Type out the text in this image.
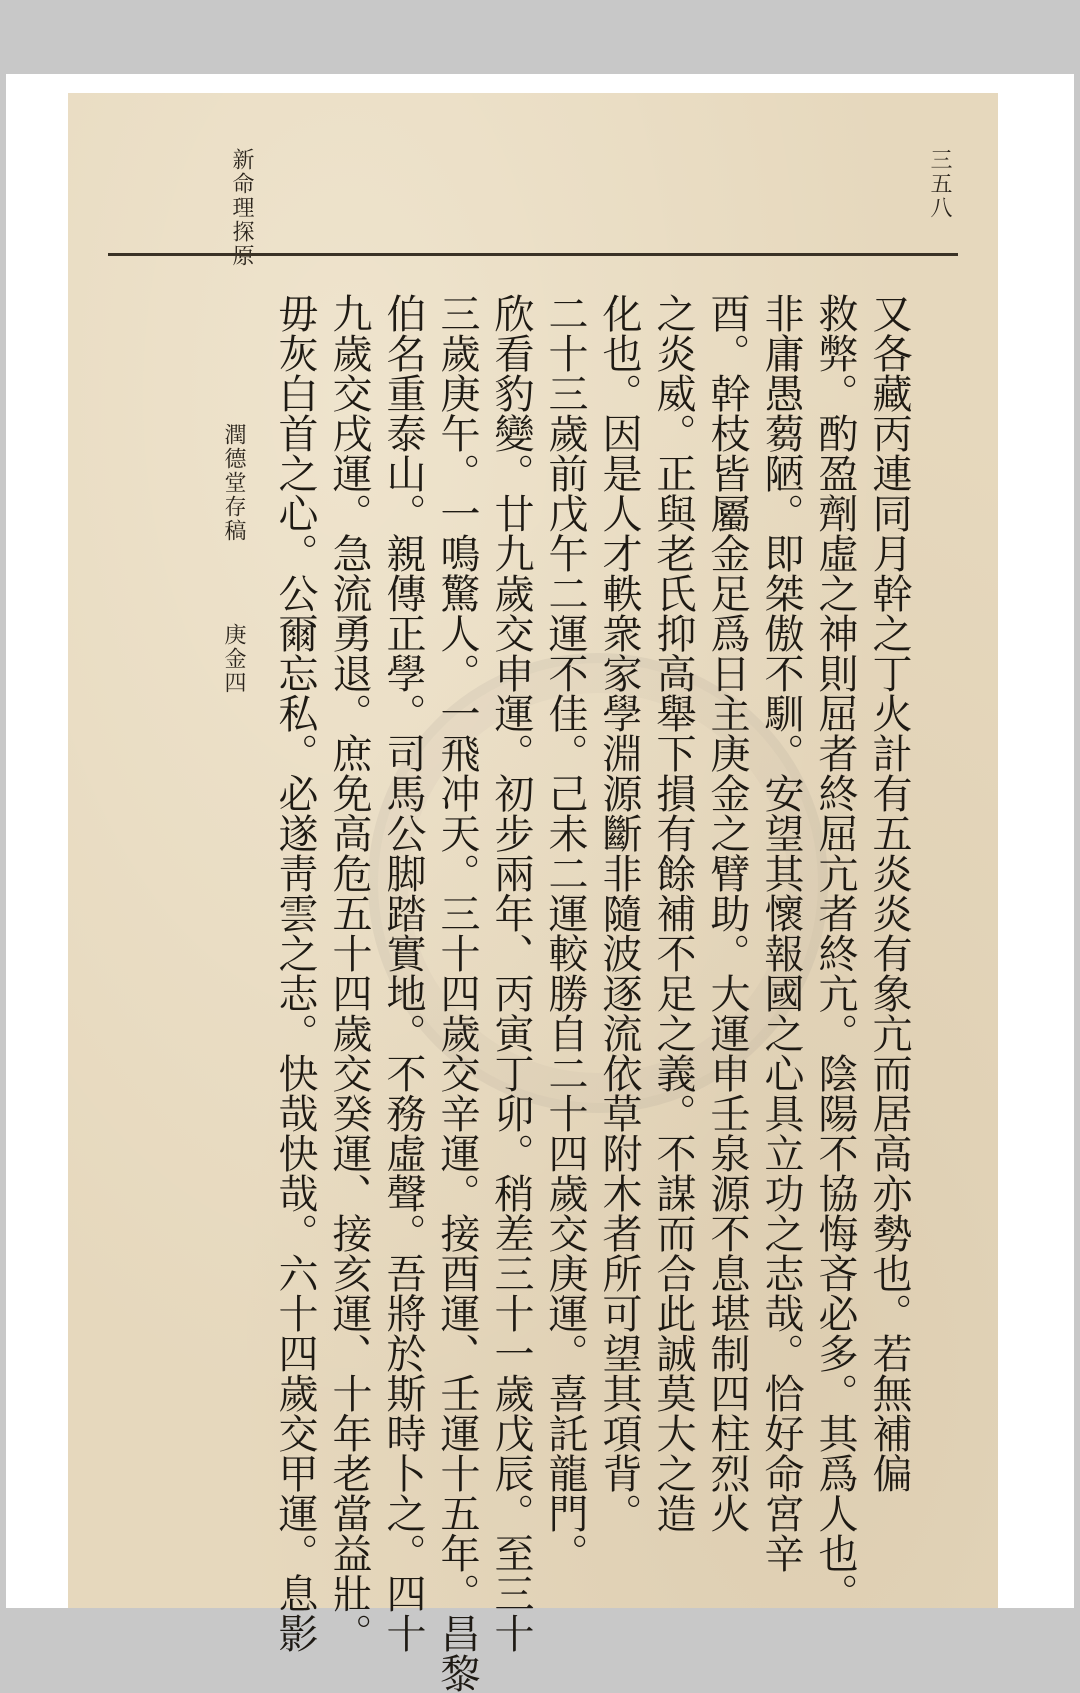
新命理探原
潤德堂存稿
庚金四
三五八
又各藏丙連同月幹之丁火計有五炎炎有象亢而居高亦勢也。若無補偏
救弊。酌盈劑虛之神則屈者終屈亢者終亢。陰陽不協悔吝必多。其爲人也。
非庸愚蒭陋。即桀傲不馴。安望其懷報國之心具立功之志哉。恰好命宮辛
酉。幹枝皆屬金足爲日主庚金之臂助。大運申壬泉源不息堪制四柱烈火
之炎威。正與老氏抑高舉下損有餘補不足之義。不謀而合此誠莫大之造
化也。因是人才軼衆家學淵源斷非隨波逐流依草附木者所可望其項背。
二十三歲前戊午二運不佳。己未二運較勝自二十四歲交庚運。喜託龍門。
欣看豹變。廿九歲交申運。初步兩年、丙寅丁卯。稍差三十一歲戊辰。至三十
三歲庚午。一鳴驚人。一飛冲天。三十四歲交辛運。接酉運、壬運十五年。昌黎
伯名重泰山。親傳正學。司馬公脚踏實地。不務虛聲。吾將於斯時卜之。四十
九歲交戌運。急流勇退。庶免高危五十四歲交癸運、接亥運、十年老當益壯。
毋灰白首之心。公爾忘私。必遂靑雲之志。快哉快哉。六十四歲交甲運。息影
